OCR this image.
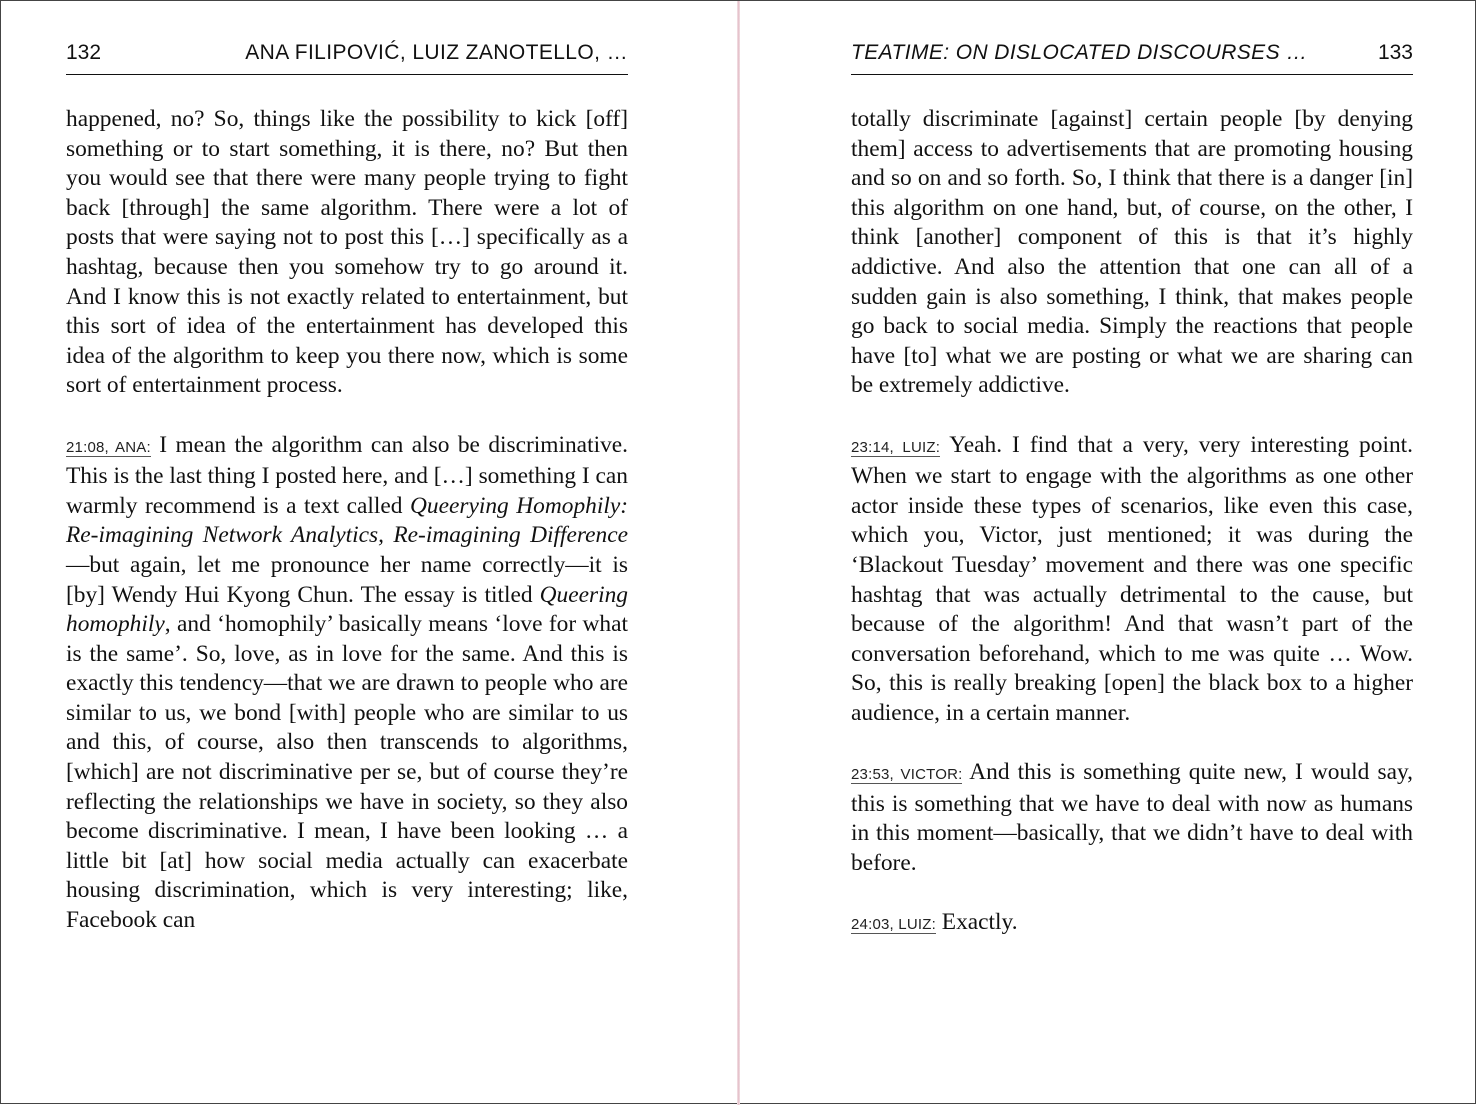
132	ANA FILIPOVIĆ, LUIZ ZANOTELLO, …

happened, no? So, things like the possibility to kick [off] something or to start something, it is there, no? But then you would see that there were many people trying to fight back [through] the same algorithm. There were a lot of posts that were saying not to post this […] specifically as a hashtag, because then you somehow try to go around it. And I know this is not exactly related to entertainment, but this sort of idea of the entertainment has developed this idea of the algorithm to keep you there now, which is some sort of entertainment process.

21:08, ANA: I mean the algorithm can also be discriminative. This is the last thing I posted here, and […] something I can warmly recommend is a text called Queerying Homophily: Re-imagining Network Analytics, Re-imagining Difference—but again, let me pronounce her name correctly—it is [by] Wendy Hui Kyong Chun. The essay is titled Queering homophily, and ‘homophily’ basically means ‘love for what is the same’. So, love, as in love for the same. And this is exactly this tendency—that we are drawn to people who are similar to us, we bond [with] people who are similar to us and this, of course, also then transcends to algorithms, [which] are not discriminative per se, but of course they’re reflecting the relationships we have in society, so they also become discriminative. I mean, I have been looking … a little bit [at] how social media actually can exacerbate housing discrimination, which is very interesting; like, Facebook can

TEATIME: ON DISLOCATED DISCOURSES …	133

totally discriminate [against] certain people [by denying them] access to advertisements that are promoting housing and so on and so forth. So, I think that there is a danger [in] this algorithm on one hand, but, of course, on the other, I think [another] component of this is that it’s highly addictive. And also the attention that one can all of a sudden gain is also something, I think, that makes people go back to social media. Simply the reactions that people have [to] what we are posting or what we are sharing can be extremely addictive.

23:14, LUIZ: Yeah. I find that a very, very interesting point. When we start to engage with the algorithms as one other actor inside these types of scenarios, like even this case, which you, Victor, just mentioned; it was during the ‘Blackout Tuesday’ movement and there was one specific hashtag that was actually detrimental to the cause, but because of the algorithm! And that wasn’t part of the conversation beforehand, which to me was quite … Wow. So, this is really breaking [open] the black box to a higher audience, in a certain manner.

23:53, VICTOR: And this is something quite new, I would say, this is something that we have to deal with now as humans in this moment—basically, that we didn’t have to deal with before.

24:03, LUIZ: Exactly.
